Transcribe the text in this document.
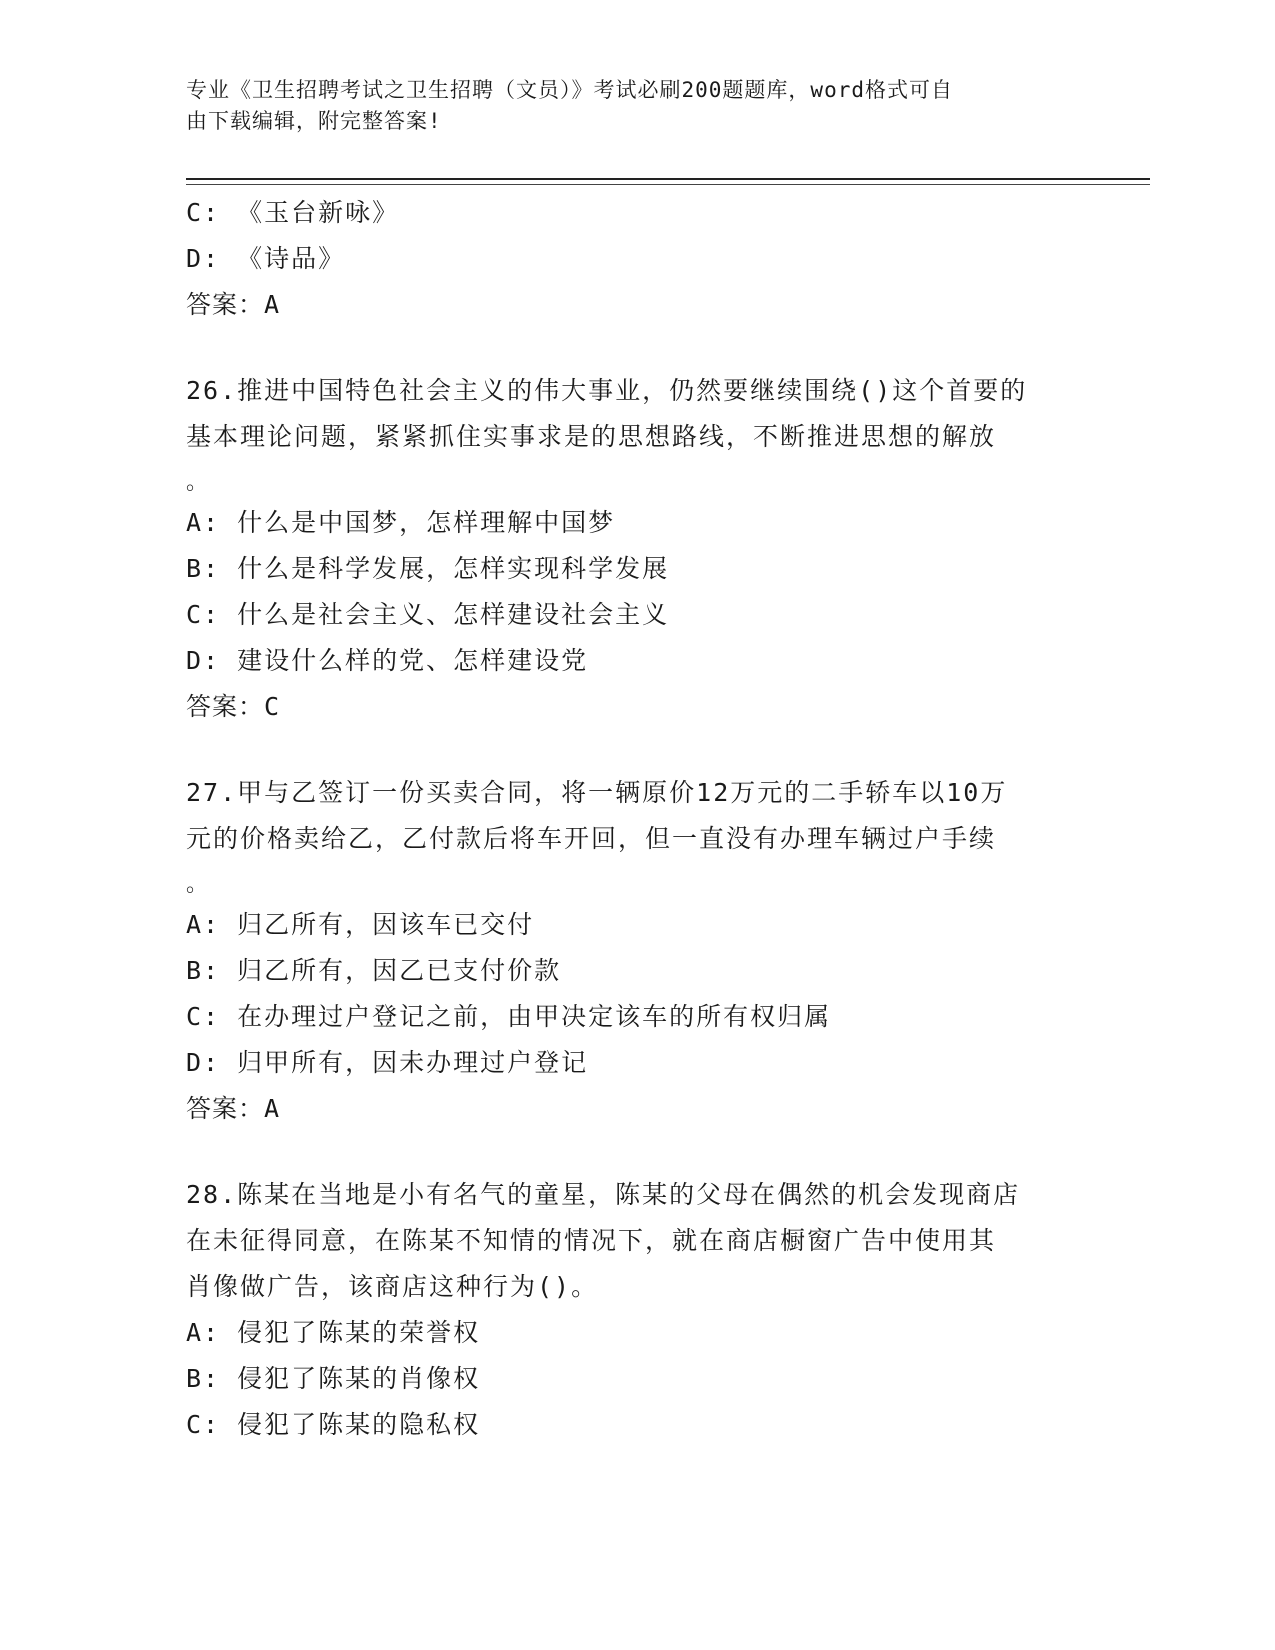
专业《卫生招聘考试之卫生招聘（文员）》考试必刷200题题库，word格式可自
由下载编辑，附完整答案!
C: 《玉台新咏》
D: 《诗品》
答案：A
26.推进中国特色社会主义的伟大事业，仍然要继续围绕()这个首要的
基本理论问题，紧紧抓住实事求是的思想路线，不断推进思想的解放
。
A: 什么是中国梦，怎样理解中国梦
B: 什么是科学发展，怎样实现科学发展
C: 什么是社会主义、怎样建设社会主义
D: 建设什么样的党、怎样建设党
答案：C
27.甲与乙签订一份买卖合同，将一辆原价12万元的二手轿车以10万
元的价格卖给乙，乙付款后将车开回，但一直没有办理车辆过户手续
。
A: 归乙所有，因该车已交付
B: 归乙所有，因乙已支付价款
C: 在办理过户登记之前，由甲决定该车的所有权归属
D: 归甲所有，因未办理过户登记
答案：A
28.陈某在当地是小有名气的童星，陈某的父母在偶然的机会发现商店
在未征得同意，在陈某不知情的情况下，就在商店橱窗广告中使用其
肖像做广告，该商店这种行为()。
A: 侵犯了陈某的荣誉权
B: 侵犯了陈某的肖像权
C: 侵犯了陈某的隐私权
